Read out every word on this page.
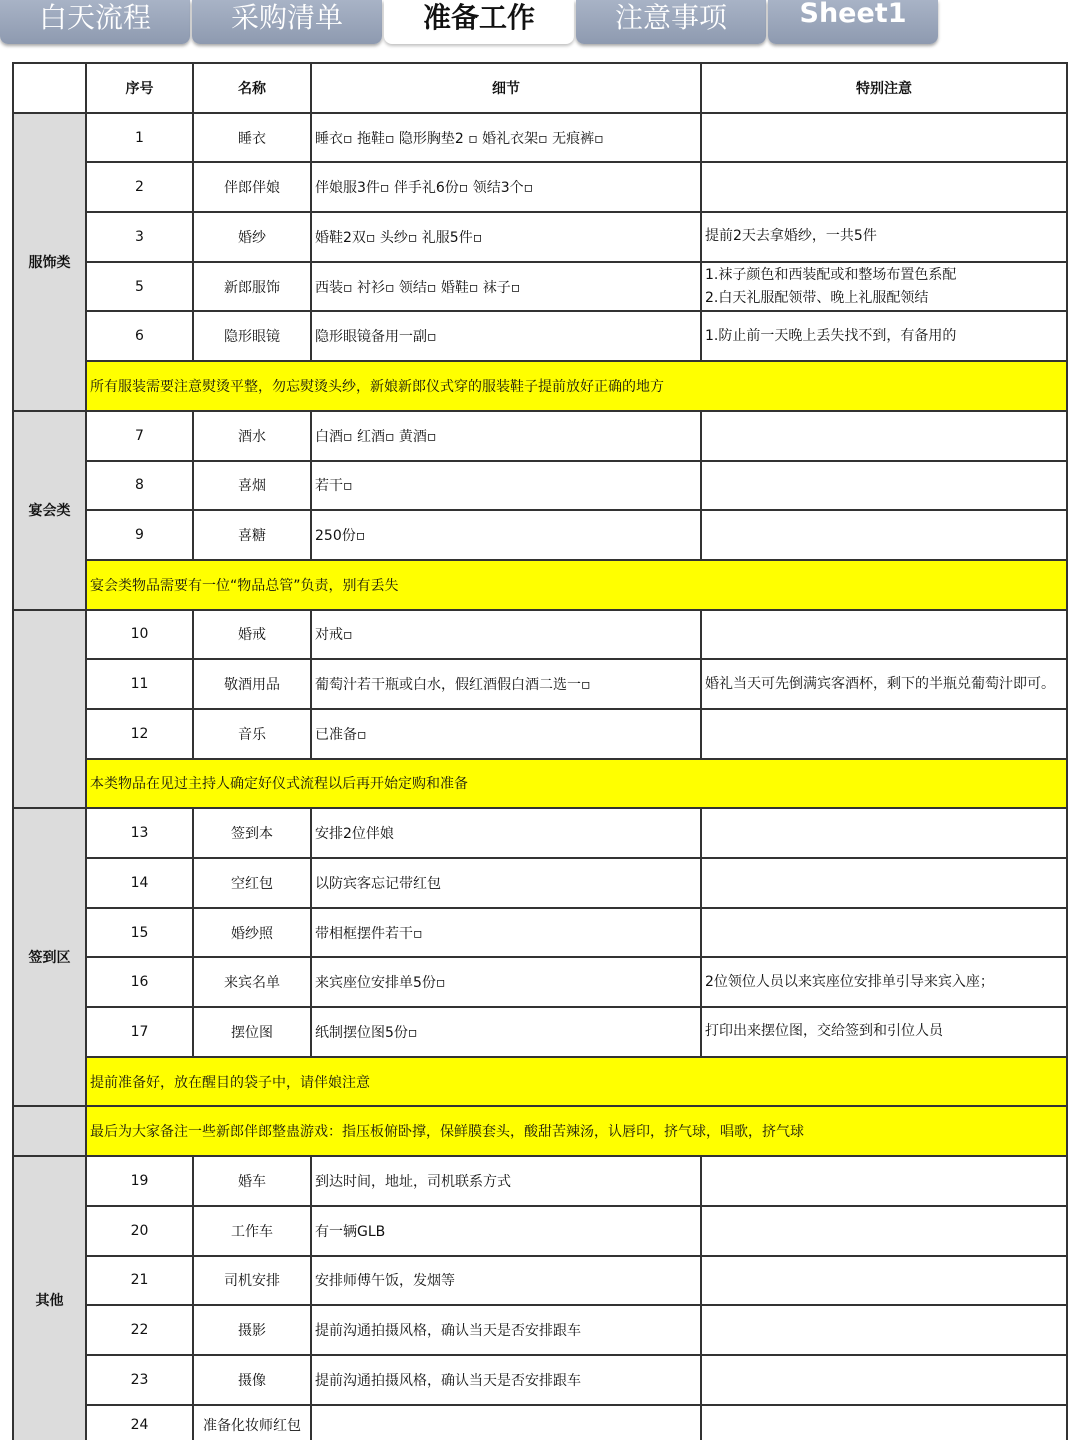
白天流程	采购清单	准备工作	注意事项	Sheet1
	序号	名称	细节	特别注意
服饰类	1	睡衣	睡衣▫ 拖鞋▫ 隐形胸垫2 ▫ 婚礼衣架▫ 无痕裤▫	
	2	伴郎伴娘	伴娘服3件▫ 伴手礼6份▫ 领结3个▫	
	3	婚纱	婚鞋2双▫ 头纱▫ 礼服5件▫	提前2天去拿婚纱，一共5件
	5	新郎服饰	西装▫ 衬衫▫ 领结▫ 婚鞋▫ 袜子▫	1.袜子颜色和西装配或和整场布置色系配
2.白天礼服配领带、晚上礼服配领结
	6	隐形眼镜	隐形眼镜备用一副▫	1.防止前一天晚上丢失找不到，有备用的
	所有服装需要注意熨烫平整，勿忘熨烫头纱，新娘新郎仪式穿的服装鞋子提前放好正确的地方			
宴会类	7	酒水	白酒▫ 红酒▫ 黄酒▫	
	8	喜烟	若干▫	
	9	喜糖	250份▫	
	宴会类物品需要有一位“物品总管”负责，别有丢失			
	10	婚戒	对戒▫	
	11	敬酒用品	葡萄汁若干瓶或白水，假红酒假白酒二选一▫	婚礼当天可先倒满宾客酒杯，剩下的半瓶兑葡萄汁即可。
	12	音乐	已准备▫	
	本类物品在见过主持人确定好仪式流程以后再开始定购和准备			
签到区	13	签到本	安排2位伴娘	
	14	空红包	以防宾客忘记带红包	
	15	婚纱照	带相框摆件若干▫	
	16	来宾名单	来宾座位安排单5份▫	2位领位人员以来宾座位安排单引导来宾入座；
	17	摆位图	纸制摆位图5份▫	打印出来摆位图，交给签到和引位人员
	提前准备好，放在醒目的袋子中，请伴娘注意			
	最后为大家备注一些新郎伴郎整蛊游戏：指压板俯卧撑，保鲜膜套头，酸甜苦辣汤，认唇印，挤气球，唱歌，挤气球			
其他	19	婚车	到达时间，地址，司机联系方式	
	20	工作车	有一辆GLB	
	21	司机安排	安排师傅午饭，发烟等	
	22	摄影	提前沟通拍摄风格，确认当天是否安排跟车	
	23	摄像	提前沟通拍摄风格，确认当天是否安排跟车	
	24	准备化妆师红包		
